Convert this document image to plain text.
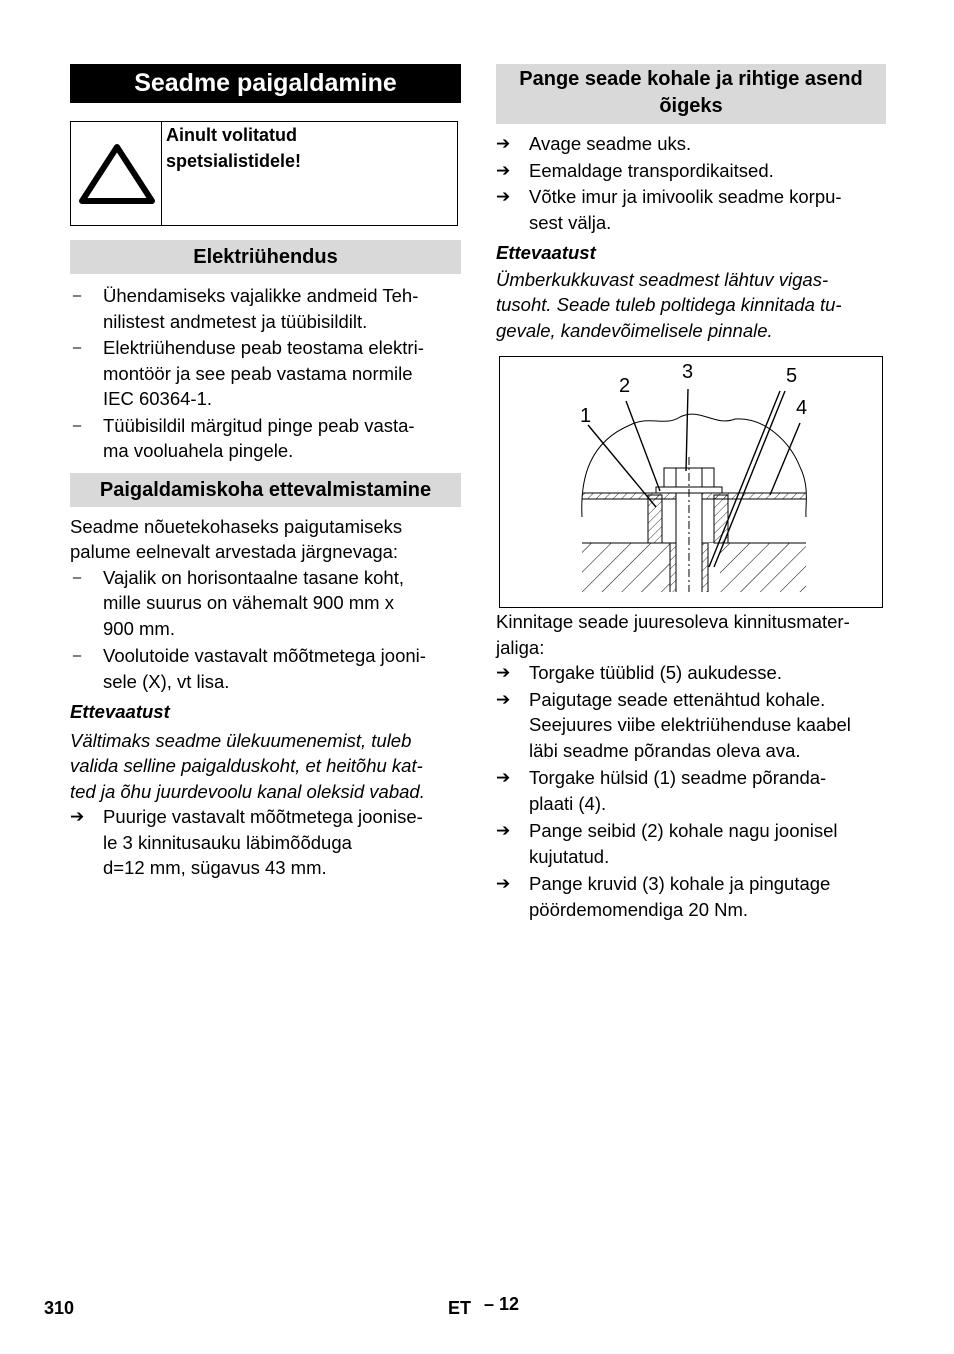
Seadme paigaldamine
Ainult volitatud
spetsialistidele!
Elektriühendus
– Ühendamiseks vajalikke andmeid Teh-
nilistest andmetest ja tüübisildilt.
– Elektriühenduse peab teostama elektri-
montöör ja see peab vastama normile
IEC 60364-1.
– Tüübisildil märgitud pinge peab vasta-
ma vooluahela pingele.
Paigaldamiskoha ettevalmistamine
Seadme nõuetekohaseks paigutamiseks
palume eelnevalt arvestada järgnevaga:
– Vajalik on horisontaalne tasane koht,
mille suurus on vähemalt 900 mm x
900 mm.
– Voolutoide vastavalt mõõtmetega jooni-
sele (X), vt lisa.
Ettevaatust
Vältimaks seadme ülekuumenemist, tuleb
valida selline paigalduskoht, et heitõhu kat-
ted ja õhu juurdevoolu kanal oleksid vabad.
➔ Puurige vastavalt mõõtmetega joonise-
le 3 kinnitusauku läbimõõduga
d=12 mm, sügavus 43 mm.
Pange seade kohale ja rihtige asend
õigeks
➔ Avage seadme uks.
➔ Eemaldage transpordikaitsed.
➔ Võtke imur ja imivoolik seadme korpu-
sest välja.
Ettevaatust
Ümberkukkuvast seadmest lähtuv vigas-
tusoht. Seade tuleb poltidega kinnitada tu-
gevale, kandevõimelisele pinnale.
1
2
3
4
5
Kinnitage seade juuresoleva kinnitusmater-
jaliga:
➔ Torgake tüüblid (5) aukudesse.
➔ Paigutage seade ettenähtud kohale.
Seejuures viibe elektriühenduse kaabel
läbi seadme põrandas oleva ava.
➔ Torgake hülsid (1) seadme põranda-
plaati (4).
➔ Pange seibid (2) kohale nagu joonisel
kujutatud.
➔ Pange kruvid (3) kohale ja pingutage
pöördemomendiga 20 Nm.
310	ET – 12
